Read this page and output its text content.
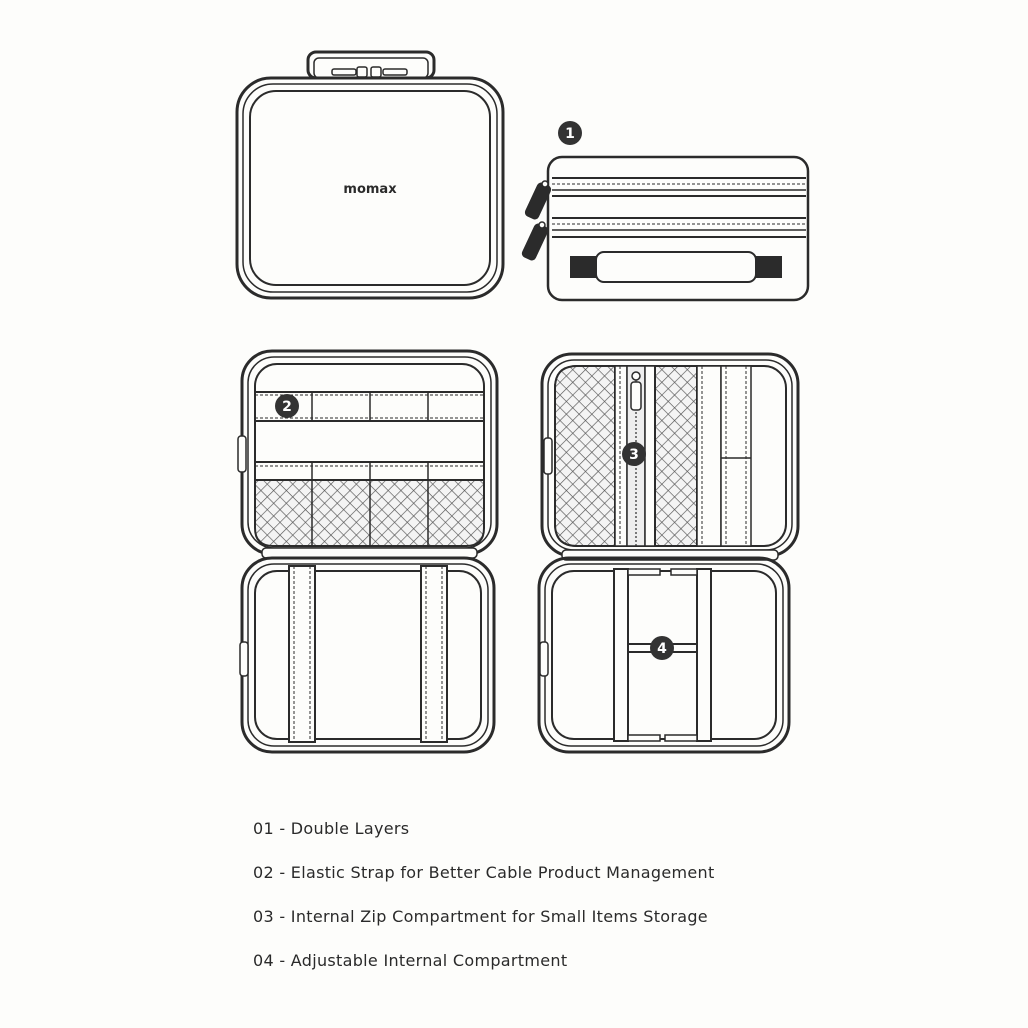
momax
1
2
3
4
01 - Double Layers
02 - Elastic Strap for Better Cable Product Management
03 - Internal Zip Compartment for Small Items Storage
04 - Adjustable Internal Compartment
